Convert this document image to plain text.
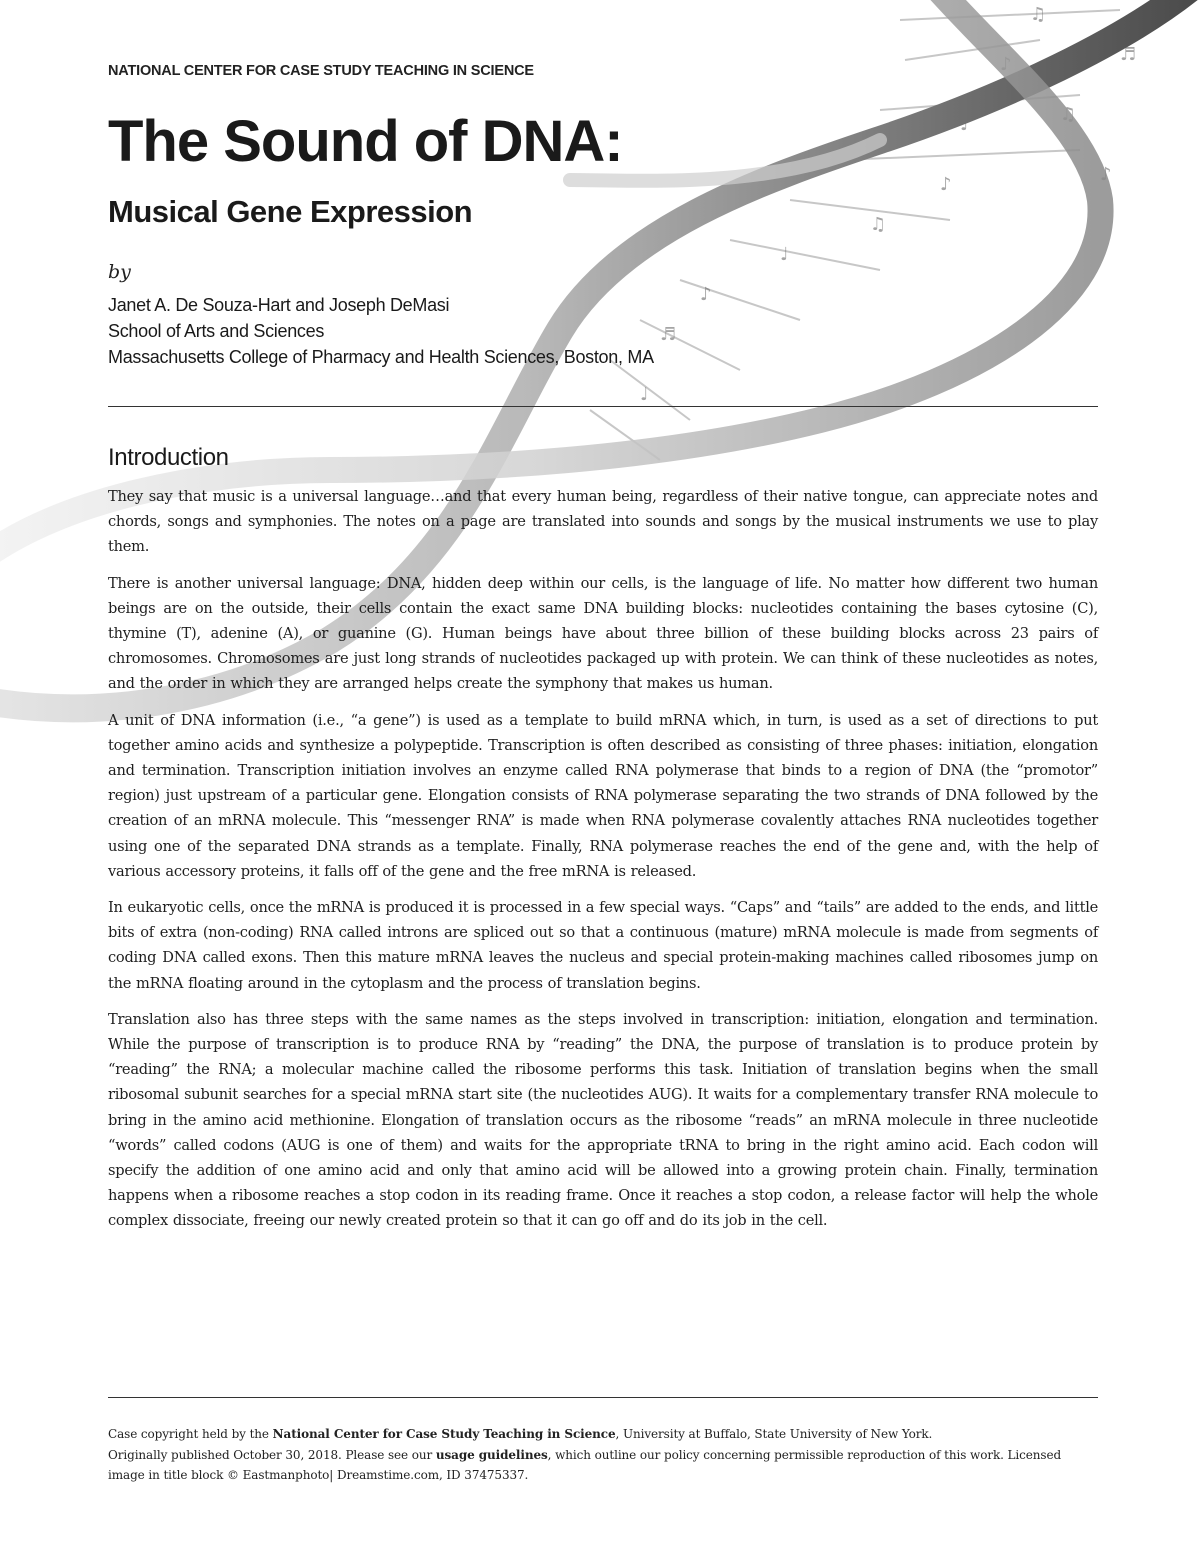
♪
♫
♩
♬
♪
♫
♩
♪
♬
♩
♪
♫
NATIONAL CENTER FOR CASE STUDY TEACHING IN SCIENCE
The Sound of DNA:
Musical Gene Expression
by
Janet A. De Souza-Hart and Joseph DeMasi
School of Arts and Sciences
Massachusetts College of Pharmacy and Health Sciences, Boston, MA
Introduction

They say that music is a universal language…and that every human being, regardless of their native tongue, can appreciate notes and chords, songs and symphonies. The notes on a page are translated into sounds and songs by the musical instruments we use to play them.

There is another universal language: DNA, hidden deep within our cells, is the language of life. No matter how different two human beings are on the outside, their cells contain the exact same DNA building blocks: nucleotides containing the bases cytosine (C), thymine (T), adenine (A), or guanine (G). Human beings have about three billion of these building blocks across 23 pairs of chromosomes. Chromosomes are just long strands of nucleotides packaged up with protein. We can think of these nucleotides as notes, and the order in which they are arranged helps create the symphony that makes us human.

A unit of DNA information (i.e., “a gene”) is used as a template to build mRNA which, in turn, is used as a set of directions to put together amino acids and synthesize a polypeptide. Transcription is often described as consisting of three phases: initiation, elongation and termination. Transcription initiation involves an enzyme called RNA polymerase that binds to a region of DNA (the “promotor” region) just upstream of a particular gene. Elongation consists of RNA polymerase separating the two strands of DNA followed by the creation of an mRNA molecule. This “messenger RNA” is made when RNA polymerase covalently attaches RNA nucleotides together using one of the separated DNA strands as a template. Finally, RNA polymerase reaches the end of the gene and, with the help of various accessory proteins, it falls off of the gene and the free mRNA is released.

In eukaryotic cells, once the mRNA is produced it is processed in a few special ways. “Caps” and “tails” are added to the ends, and little bits of extra (non-coding) RNA called introns are spliced out so that a continuous (mature) mRNA molecule is made from segments of coding DNA called exons. Then this mature mRNA leaves the nucleus and special protein-making machines called ribosomes jump on the mRNA floating around in the cytoplasm and the process of translation begins.

Translation also has three steps with the same names as the steps involved in transcription: initiation, elongation and termination. While the purpose of transcription is to produce RNA by “reading” the DNA, the purpose of translation is to produce protein by “reading” the RNA; a molecular machine called the ribosome performs this task. Initiation of translation begins when the small ribosomal subunit searches for a special mRNA start site (the nucleotides AUG). It waits for a complementary transfer RNA molecule to bring in the amino acid methionine. Elongation of translation occurs as the ribosome “reads” an mRNA molecule in three nucleotide “words” called codons (AUG is one of them) and waits for the appropriate tRNA to bring in the right amino acid. Each codon will specify the addition of one amino acid and only that amino acid will be allowed into a growing protein chain. Finally, termination happens when a ribosome reaches a stop codon in its reading frame. Once it reaches a stop codon, a release factor will help the whole complex dissociate, freeing our newly created protein so that it can go off and do its job in the cell.

Case copyright held by the National Center for Case Study Teaching in Science, University at Buffalo, State University of New York.

Originally published October 30, 2018. Please see our usage guidelines, which outline our policy concerning permissible reproduction of this work. Licensed image in title block © Eastmanphoto| Dreamstime.com, ID 37475337.
